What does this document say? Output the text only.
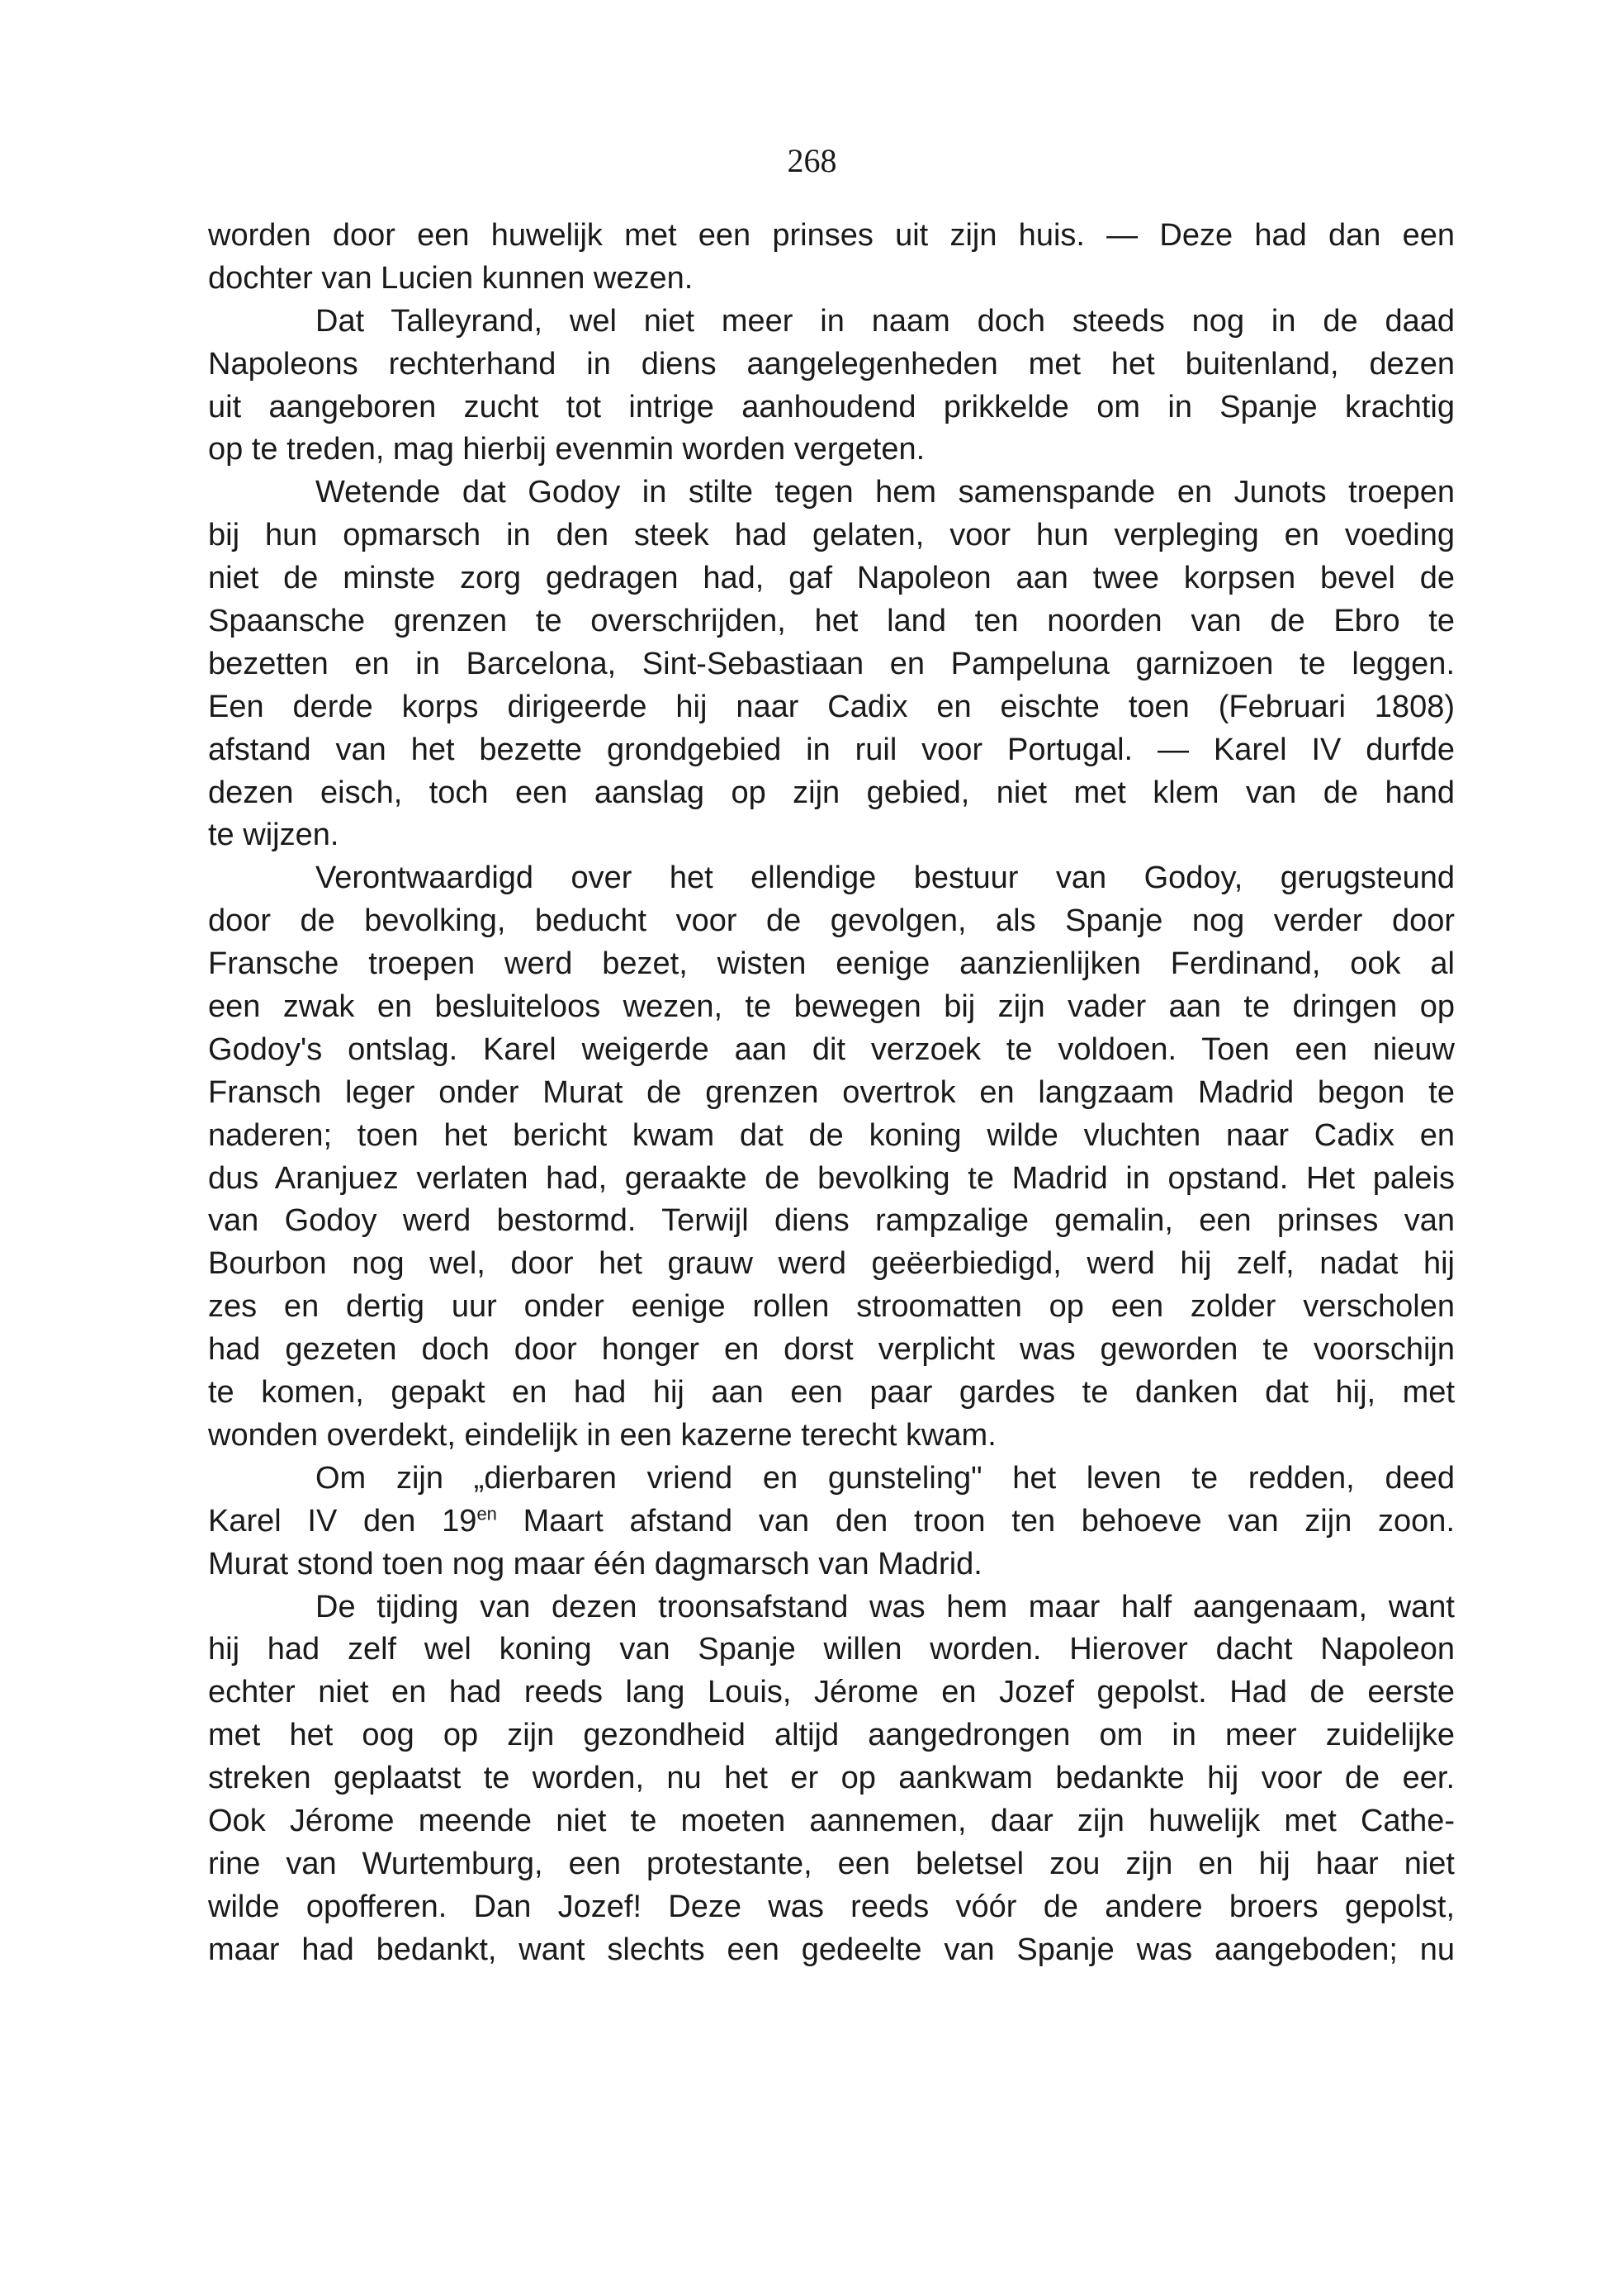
268
worden door een huwelijk met een prinses uit zijn huis. — Deze had dan een
dochter van Lucien kunnen wezen.
Dat Talleyrand, wel niet meer in naam doch steeds nog in de daad
Napoleons rechterhand in diens aangelegenheden met het buitenland, dezen
uit aangeboren zucht tot intrige aanhoudend prikkelde om in Spanje krachtig
op te treden, mag hierbij evenmin worden vergeten.
Wetende dat Godoy in stilte tegen hem samenspande en Junots troepen
bij hun opmarsch in den steek had gelaten, voor hun verpleging en voeding
niet de minste zorg gedragen had, gaf Napoleon aan twee korpsen bevel de
Spaansche grenzen te overschrijden, het land ten noorden van de Ebro te
bezetten en in Barcelona, Sint-Sebastiaan en Pampeluna garnizoen te leggen.
Een derde korps dirigeerde hij naar Cadix en eischte toen (Februari 1808)
afstand van het bezette grondgebied in ruil voor Portugal. — Karel IV durfde
dezen eisch, toch een aanslag op zijn gebied, niet met klem van de hand
te wijzen.
Verontwaardigd over het ellendige bestuur van Godoy, gerugsteund
door de bevolking, beducht voor de gevolgen, als Spanje nog verder door
Fransche troepen werd bezet, wisten eenige aanzienlijken Ferdinand, ook al
een zwak en besluiteloos wezen, te bewegen bij zijn vader aan te dringen op
Godoy's ontslag. Karel weigerde aan dit verzoek te voldoen. Toen een nieuw
Fransch leger onder Murat de grenzen overtrok en langzaam Madrid begon te
naderen; toen het bericht kwam dat de koning wilde vluchten naar Cadix en
dus Aranjuez verlaten had, geraakte de bevolking te Madrid in opstand. Het paleis
van Godoy werd bestormd. Terwijl diens rampzalige gemalin, een prinses van
Bourbon nog wel, door het grauw werd geëerbiedigd, werd hij zelf, nadat hij
zes en dertig uur onder eenige rollen stroomatten op een zolder verscholen
had gezeten doch door honger en dorst verplicht was geworden te voorschijn
te komen, gepakt en had hij aan een paar gardes te danken dat hij, met
wonden overdekt, eindelijk in een kazerne terecht kwam.
Om zijn „dierbaren vriend en gunsteling" het leven te redden, deed
Karel IV den $19^{en}$ Maart afstand van den troon ten behoeve van zijn zoon.
Murat stond toen nog maar één dagmarsch van Madrid.
De tijding van dezen troonsafstand was hem maar half aangenaam, want
hij had zelf wel koning van Spanje willen worden. Hierover dacht Napoleon
echter niet en had reeds lang Louis, Jérome en Jozef gepolst. Had de eerste
met het oog op zijn gezondheid altijd aangedrongen om in meer zuidelijke
streken geplaatst te worden, nu het er op aankwam bedankte hij voor de eer.
Ook Jérome meende niet te moeten aannemen, daar zijn huwelijk met Cathe-
rine van Wurtemburg, een protestante, een beletsel zou zijn en hij haar niet
wilde opofferen. Dan Jozef! Deze was reeds vóór de andere broers gepolst,
maar had bedankt, want slechts een gedeelte van Spanje was aangeboden; nu
